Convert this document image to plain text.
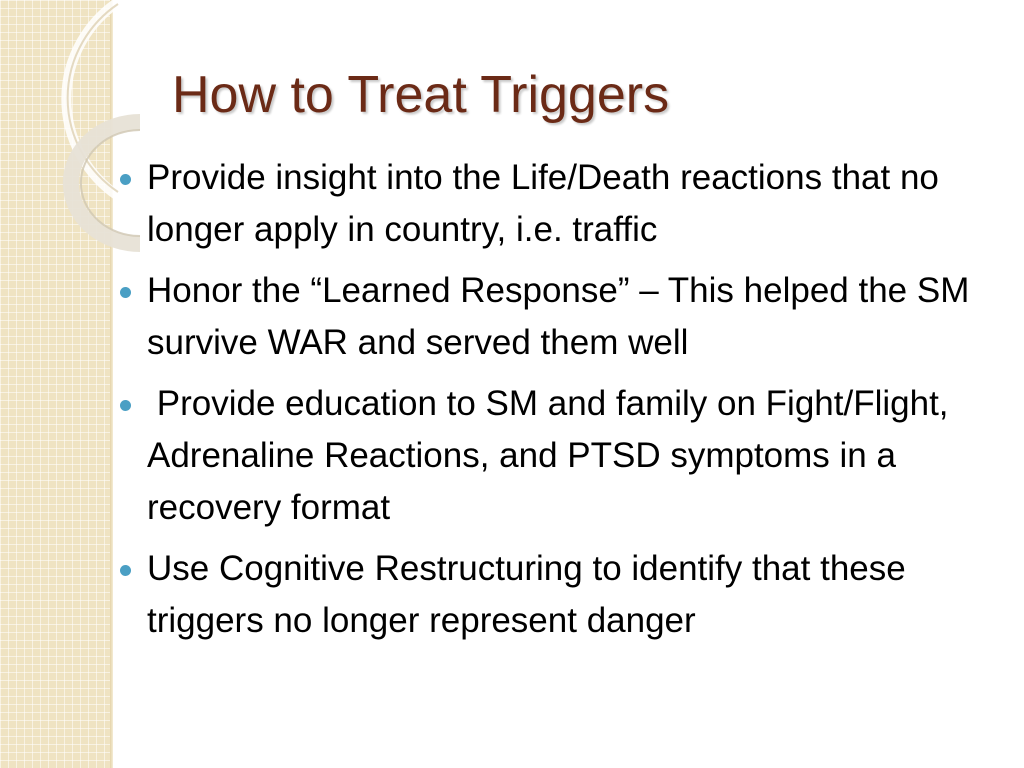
How to Treat Triggers
Provide insight into the Life/Death reactions that no longer apply in country, i.e. traffic
Honor the “Learned Response” – This helped the SM survive WAR and served them well
Provide education to SM and family on Fight/Flight, Adrenaline Reactions, and PTSD symptoms in a recovery format
Use Cognitive Restructuring to identify that these triggers no longer represent danger
